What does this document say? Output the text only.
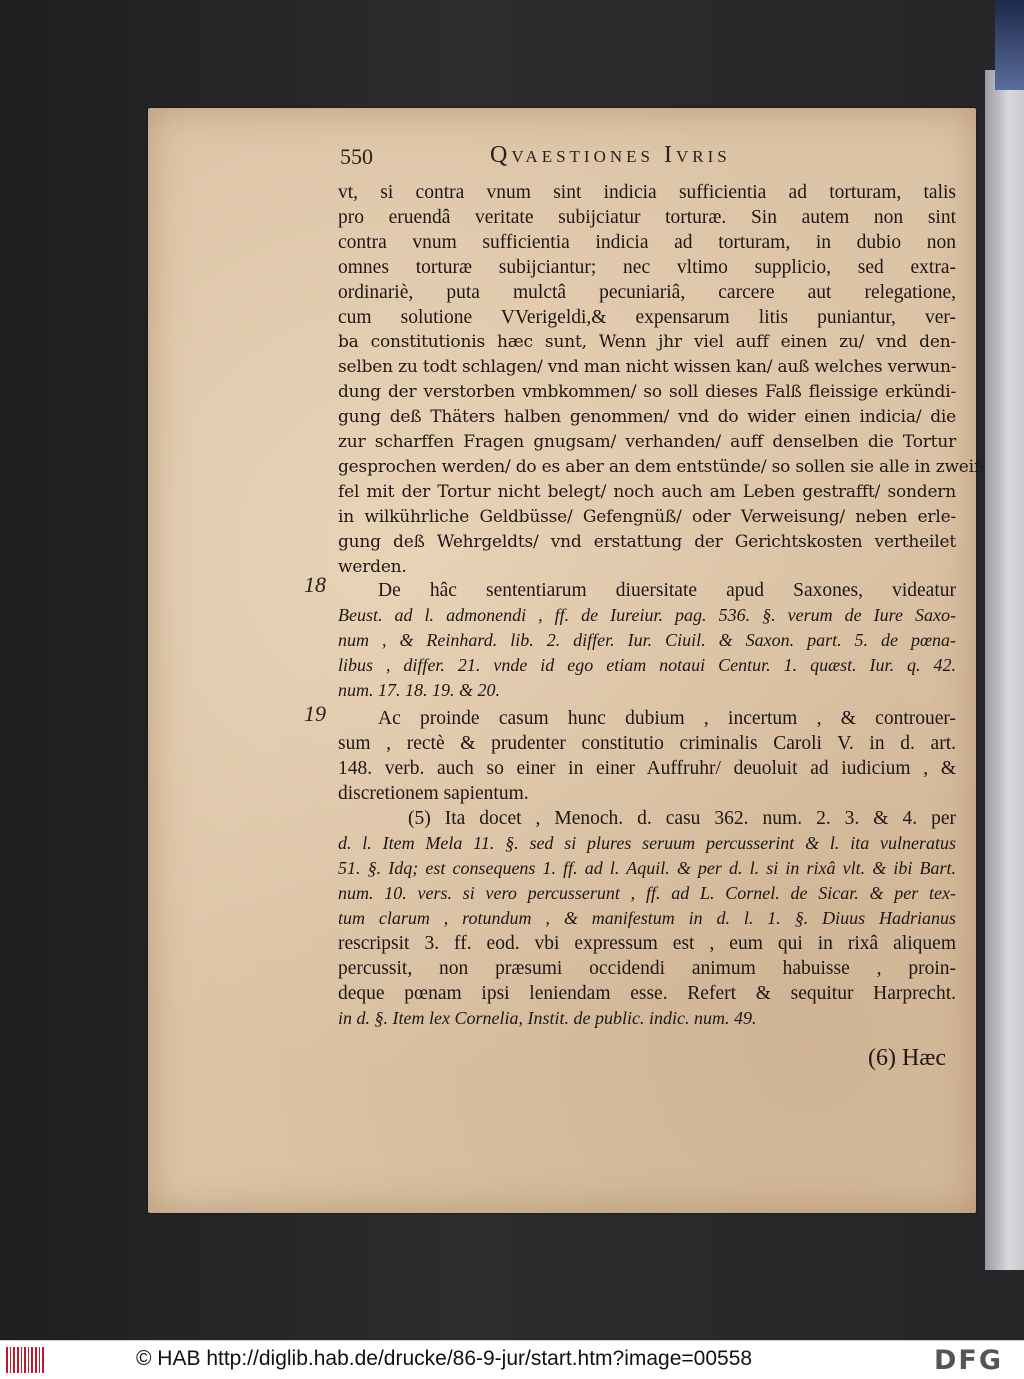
550	Qvaestiones Ivris
18
19
vt, si contra vnum sint indicia sufficientia ad torturam, talis
pro eruendâ veritate subijciatur torturæ. Sin autem non sint
contra vnum sufficientia indicia ad torturam, in dubio non
omnes torturæ subijciantur; nec vltimo supplicio, sed extra-
ordinariè, puta mulctâ pecuniariâ, carcere aut relegatione,
cum solutione VVerigeldi,& expensarum litis puniantur, ver-
ba constitutionis hæc sunt, Wenn jhr viel auff einen zu/ vnd den-
selben zu todt schlagen/ vnd man nicht wissen kan/ auß welches verwun-
dung der verstorben vmbkommen/ so soll dieses Falß fleissige erkündi-
gung deß Thäters halben genommen/ vnd do wider einen indicia/ die
zur scharffen Fragen gnugsam/ verhanden/ auff denselben die Tortur
gesprochen werden/ do es aber an dem entstünde/ so sollen sie alle in zweif-
fel mit der Tortur nicht belegt/ noch auch am Leben gestrafft/ sondern
in wilkührliche Geldbüsse/ Gefengnüß/ oder Verweisung/ neben erle-
gung deß Wehrgeldts/ vnd erstattung der Gerichtskosten vertheilet
werden.
De hâc sententiarum diuersitate apud Saxones, videatur
Beust. ad l. admonendi , ff. de Iureiur. pag. 536. §. verum de Iure Saxo-
num , & Reinhard. lib. 2. differ. Iur. Ciuil. & Saxon. part. 5. de pœna-
libus , differ. 21. vnde id ego etiam notaui Centur. 1. quæst. Iur. q. 42.
num. 17. 18. 19. & 20.
Ac proinde casum hunc dubium , incertum , & controuer-
sum , rectè & prudenter constitutio criminalis Caroli V. in d. art.
148. verb. auch so einer in einer Auffruhr/ deuoluit ad iudicium , &
discretionem sapientum.
(5) Ita docet , Menoch. d. casu 362. num. 2. 3. & 4. per
d. l. Item Mela 11. §. sed si plures seruum percusserint & l. ita vulneratus
51. §. Idq; est consequens 1. ff. ad l. Aquil. & per d. l. si in rixâ vlt. & ibi Bart.
num. 10. vers. si vero percusserunt , ff. ad L. Cornel. de Sicar. & per tex-
tum clarum , rotundum , & manifestum in d. l. 1. §. Diuus Hadrianus
rescripsit 3. ff. eod. vbi expressum est , eum qui in rixâ aliquem
percussit, non præsumi occidendi animum habuisse , proin-
deque pœnam ipsi leniendam esse. Refert & sequitur Harprecht.
in d. §. Item lex Cornelia, Instit. de public. indic. num. 49.
(6) Hæc
© HAB http://diglib.hab.de/drucke/86-9-jur/start.htm?image=00558	DFG
